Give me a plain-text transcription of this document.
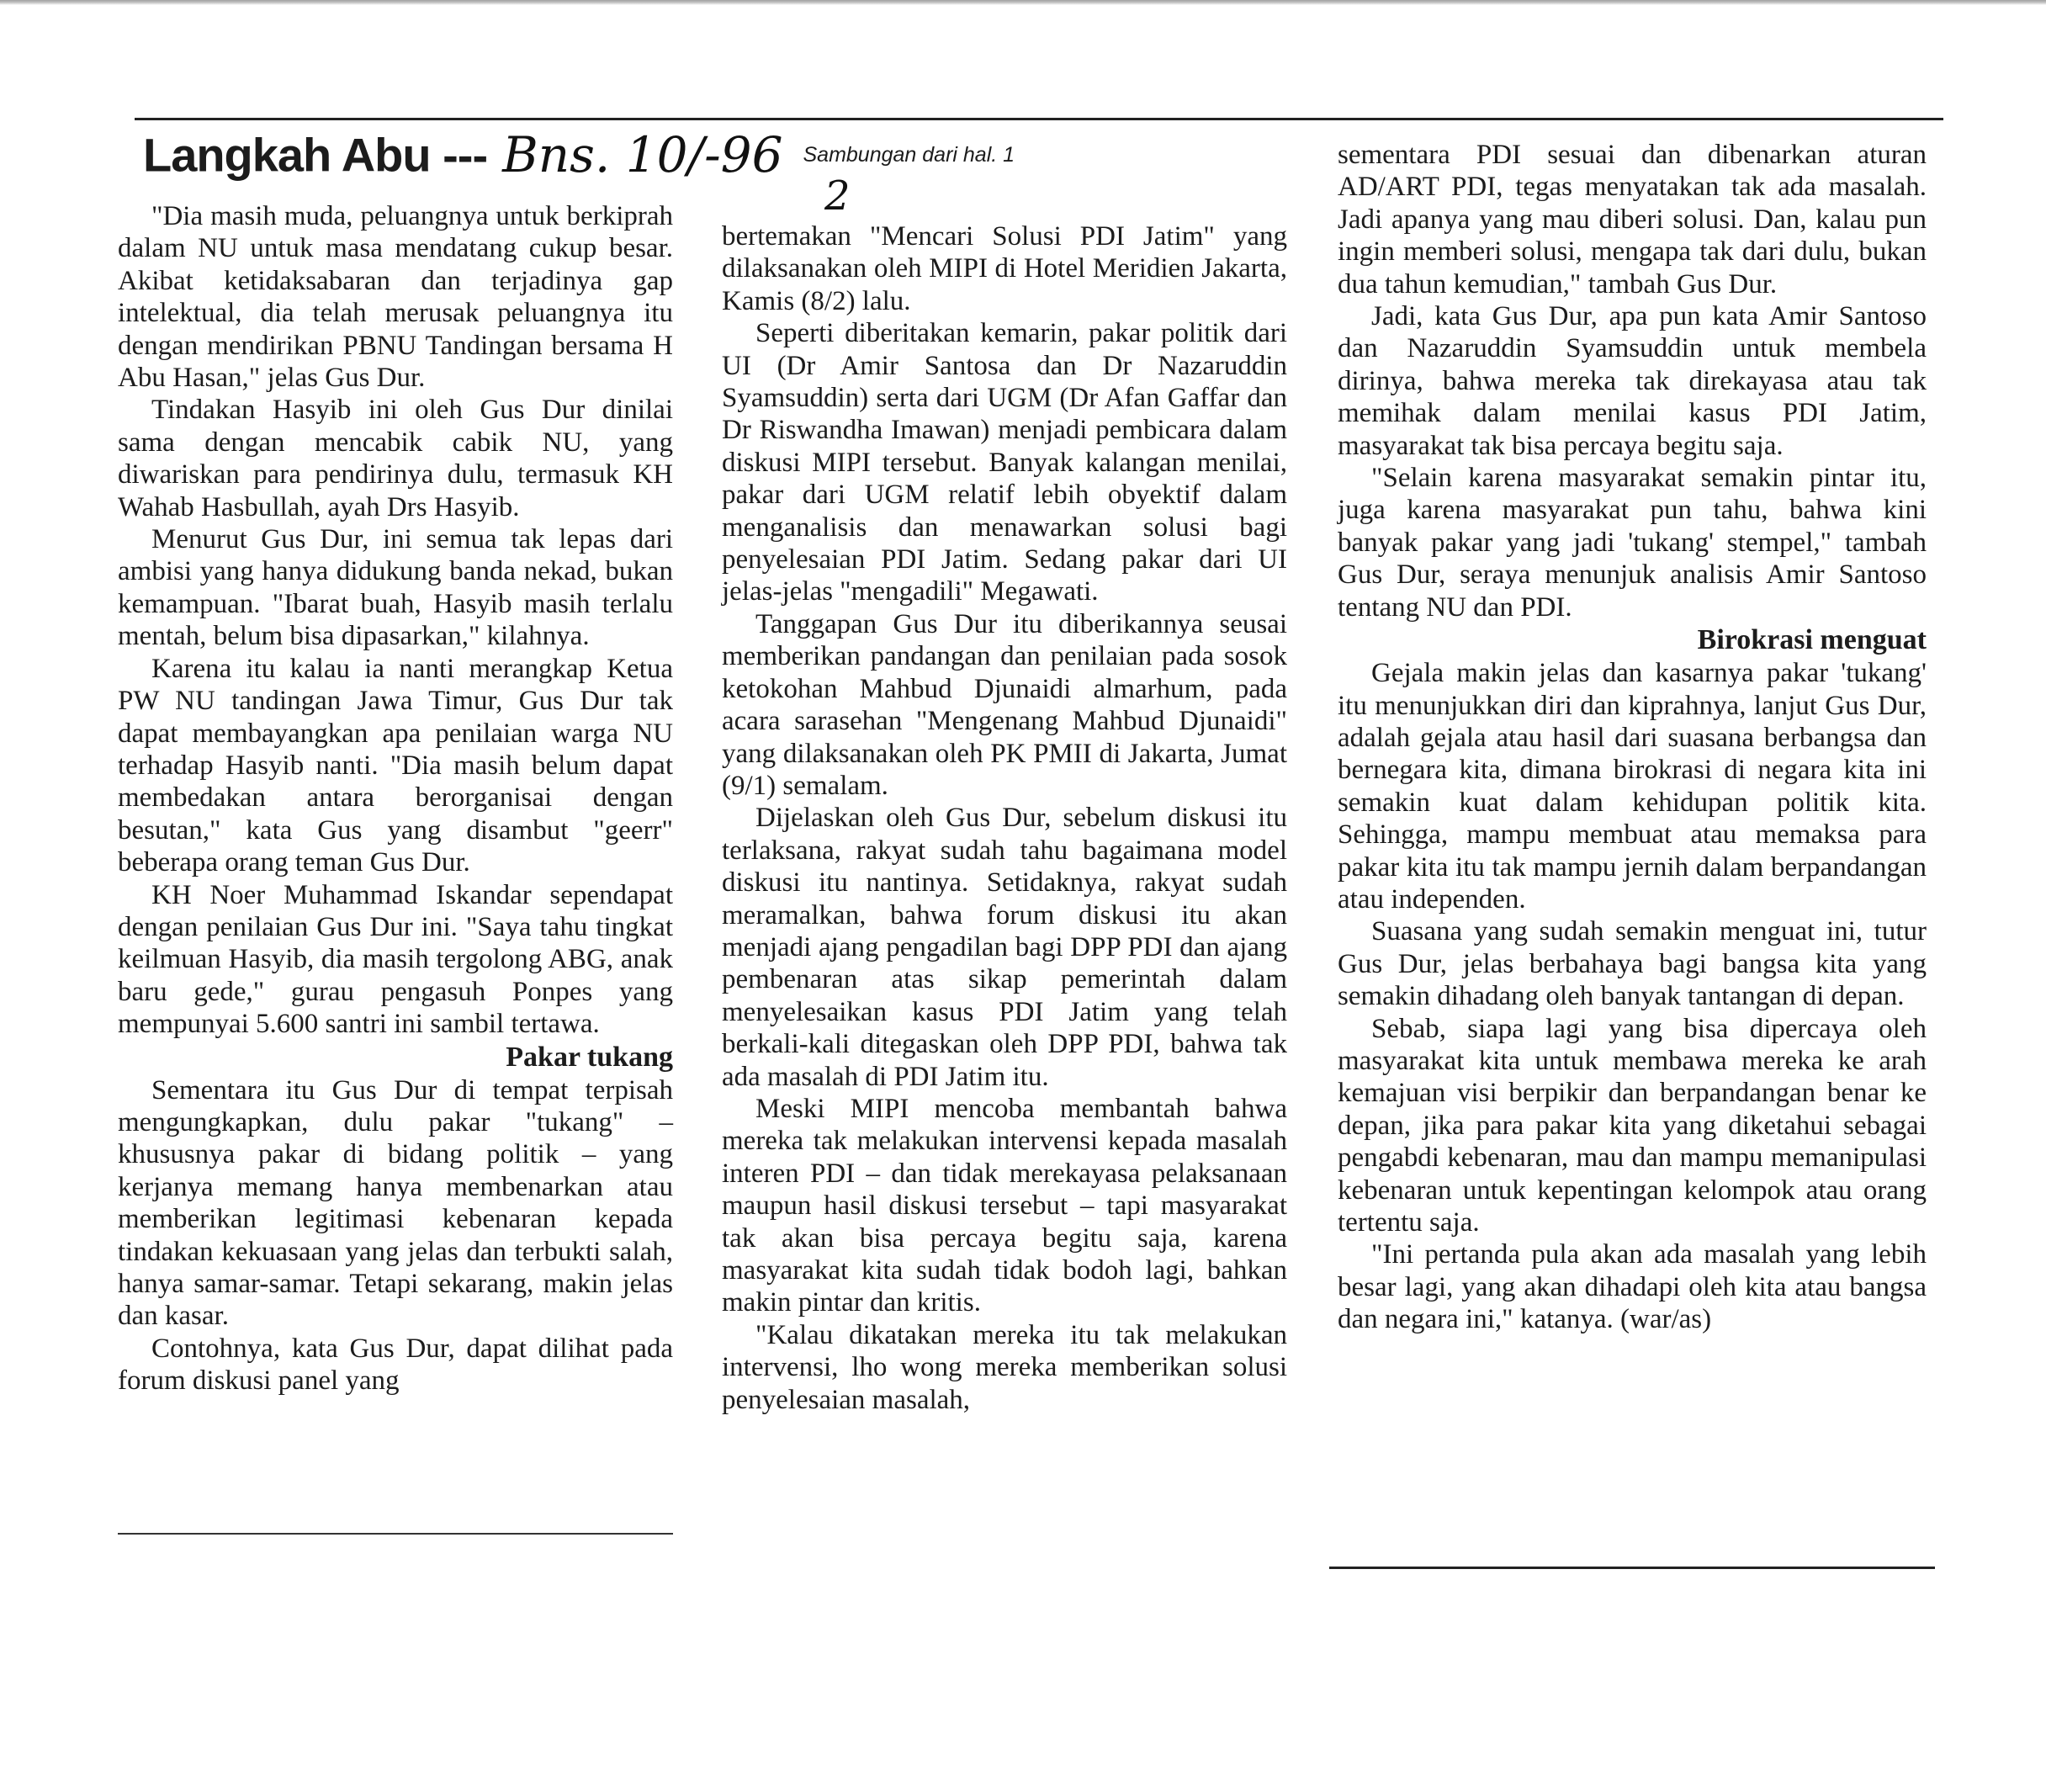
Langkah Abu --- Bns. 10/-96 Sambungan dari hal. 1
2

"Dia masih muda, peluangnya untuk berkiprah dalam NU untuk masa mendatang cukup besar. Akibat ketidaksabaran dan terjadinya gap intelektual, dia telah merusak peluangnya itu dengan mendirikan PBNU Tandingan bersama H Abu Hasan," jelas Gus Dur.

Tindakan Hasyib ini oleh Gus Dur dinilai sama dengan mencabik cabik NU, yang diwariskan para pendirinya dulu, termasuk KH Wahab Hasbullah, ayah Drs Hasyib.

Menurut Gus Dur, ini semua tak lepas dari ambisi yang hanya didukung banda nekad, bukan kemampuan. "Ibarat buah, Hasyib masih terlalu mentah, belum bisa dipasarkan," kilahnya.

Karena itu kalau ia nanti merangkap Ketua PW NU tandingan Jawa Timur, Gus Dur tak dapat membayangkan apa penilaian warga NU terhadap Hasyib nanti. "Dia masih belum dapat membedakan antara berorganisai dengan besutan," kata Gus yang disambut "geerr" beberapa orang teman Gus Dur.

KH Noer Muhammad Iskandar sependapat dengan penilaian Gus Dur ini. "Saya tahu tingkat keilmuan Hasyib, dia masih tergolong ABG, anak baru gede," gurau pengasuh Ponpes yang mempunyai 5.600 santri ini sambil tertawa.

Pakar tukang

Sementara itu Gus Dur di tempat terpisah mengungkapkan, dulu pakar "tukang" – khususnya pakar di bidang politik – yang kerjanya memang hanya membenarkan atau memberikan legitimasi kebenaran kepada tindakan kekuasaan yang jelas dan terbukti salah, hanya samar-samar. Tetapi sekarang, makin jelas dan kasar.

Contohnya, kata Gus Dur, dapat dilihat pada forum diskusi panel yang

bertemakan "Mencari Solusi PDI Jatim" yang dilaksanakan oleh MIPI di Hotel Meridien Jakarta, Kamis (8/2) lalu.

Seperti diberitakan kemarin, pakar politik dari UI (Dr Amir Santosa dan Dr Nazaruddin Syamsuddin) serta dari UGM (Dr Afan Gaffar dan Dr Riswandha Imawan) menjadi pembicara dalam diskusi MIPI tersebut. Banyak kalangan menilai, pakar dari UGM relatif lebih obyektif dalam menganalisis dan menawarkan solusi bagi penyelesaian PDI Jatim. Sedang pakar dari UI jelas-jelas "mengadili" Megawati.

Tanggapan Gus Dur itu diberikannya seusai memberikan pandangan dan penilaian pada sosok ketokohan Mahbud Djunaidi almarhum, pada acara sarasehan "Mengenang Mahbud Djunaidi" yang dilaksanakan oleh PK PMII di Jakarta, Jumat (9/1) semalam.

Dijelaskan oleh Gus Dur, sebelum diskusi itu terlaksana, rakyat sudah tahu bagaimana model diskusi itu nantinya. Setidaknya, rakyat sudah meramalkan, bahwa forum diskusi itu akan menjadi ajang pengadilan bagi DPP PDI dan ajang pembenaran atas sikap pemerintah dalam menyelesaikan kasus PDI Jatim yang telah berkali-kali ditegaskan oleh DPP PDI, bahwa tak ada masalah di PDI Jatim itu.

Meski MIPI mencoba membantah bahwa mereka tak melakukan intervensi kepada masalah interen PDI – dan tidak merekayasa pelaksanaan maupun hasil diskusi tersebut – tapi masyarakat tak akan bisa percaya begitu saja, karena masyarakat kita sudah tidak bodoh lagi, bahkan makin pintar dan kritis.

"Kalau dikatakan mereka itu tak melakukan intervensi, lho wong mereka memberikan solusi penyelesaian masalah,

sementara PDI sesuai dan dibenarkan aturan AD/ART PDI, tegas menyatakan tak ada masalah. Jadi apanya yang mau diberi solusi. Dan, kalau pun ingin memberi solusi, mengapa tak dari dulu, bukan dua tahun kemudian," tambah Gus Dur.

Jadi, kata Gus Dur, apa pun kata Amir Santoso dan Nazaruddin Syamsuddin untuk membela dirinya, bahwa mereka tak direkayasa atau tak memihak dalam menilai kasus PDI Jatim, masyarakat tak bisa percaya begitu saja.

"Selain karena masyarakat semakin pintar itu, juga karena masyarakat pun tahu, bahwa kini banyak pakar yang jadi 'tukang' stempel," tambah Gus Dur, seraya menunjuk analisis Amir Santoso tentang NU dan PDI.

Birokrasi menguat

Gejala makin jelas dan kasarnya pakar 'tukang' itu menunjukkan diri dan kiprahnya, lanjut Gus Dur, adalah gejala atau hasil dari suasana berbangsa dan bernegara kita, dimana birokrasi di negara kita ini semakin kuat dalam kehidupan politik kita. Sehingga, mampu membuat atau memaksa para pakar kita itu tak mampu jernih dalam berpandangan atau independen.

Suasana yang sudah semakin menguat ini, tutur Gus Dur, jelas berbahaya bagi bangsa kita yang semakin dihadang oleh banyak tantangan di depan.

Sebab, siapa lagi yang bisa dipercaya oleh masyarakat kita untuk membawa mereka ke arah kemajuan visi berpikir dan berpandangan benar ke depan, jika para pakar kita yang diketahui sebagai pengabdi kebenaran, mau dan mampu memanipulasi kebenaran untuk kepentingan kelompok atau orang tertentu saja.

"Ini pertanda pula akan ada masalah yang lebih besar lagi, yang akan dihadapi oleh kita atau bangsa dan negara ini," katanya. (war/as)
